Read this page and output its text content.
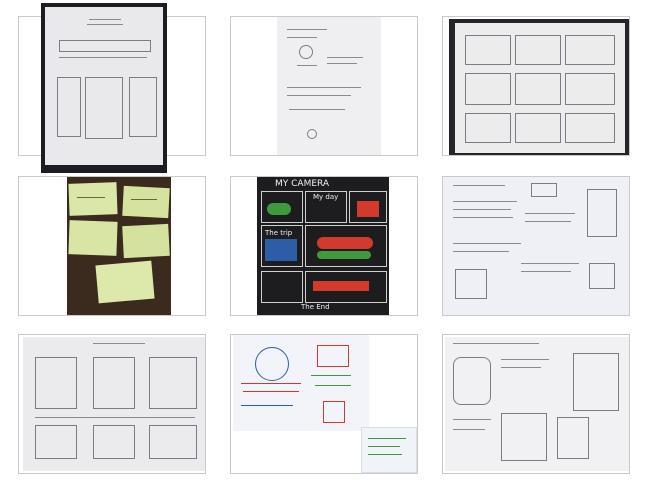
MY CAMERA
My day
The trip
The End
